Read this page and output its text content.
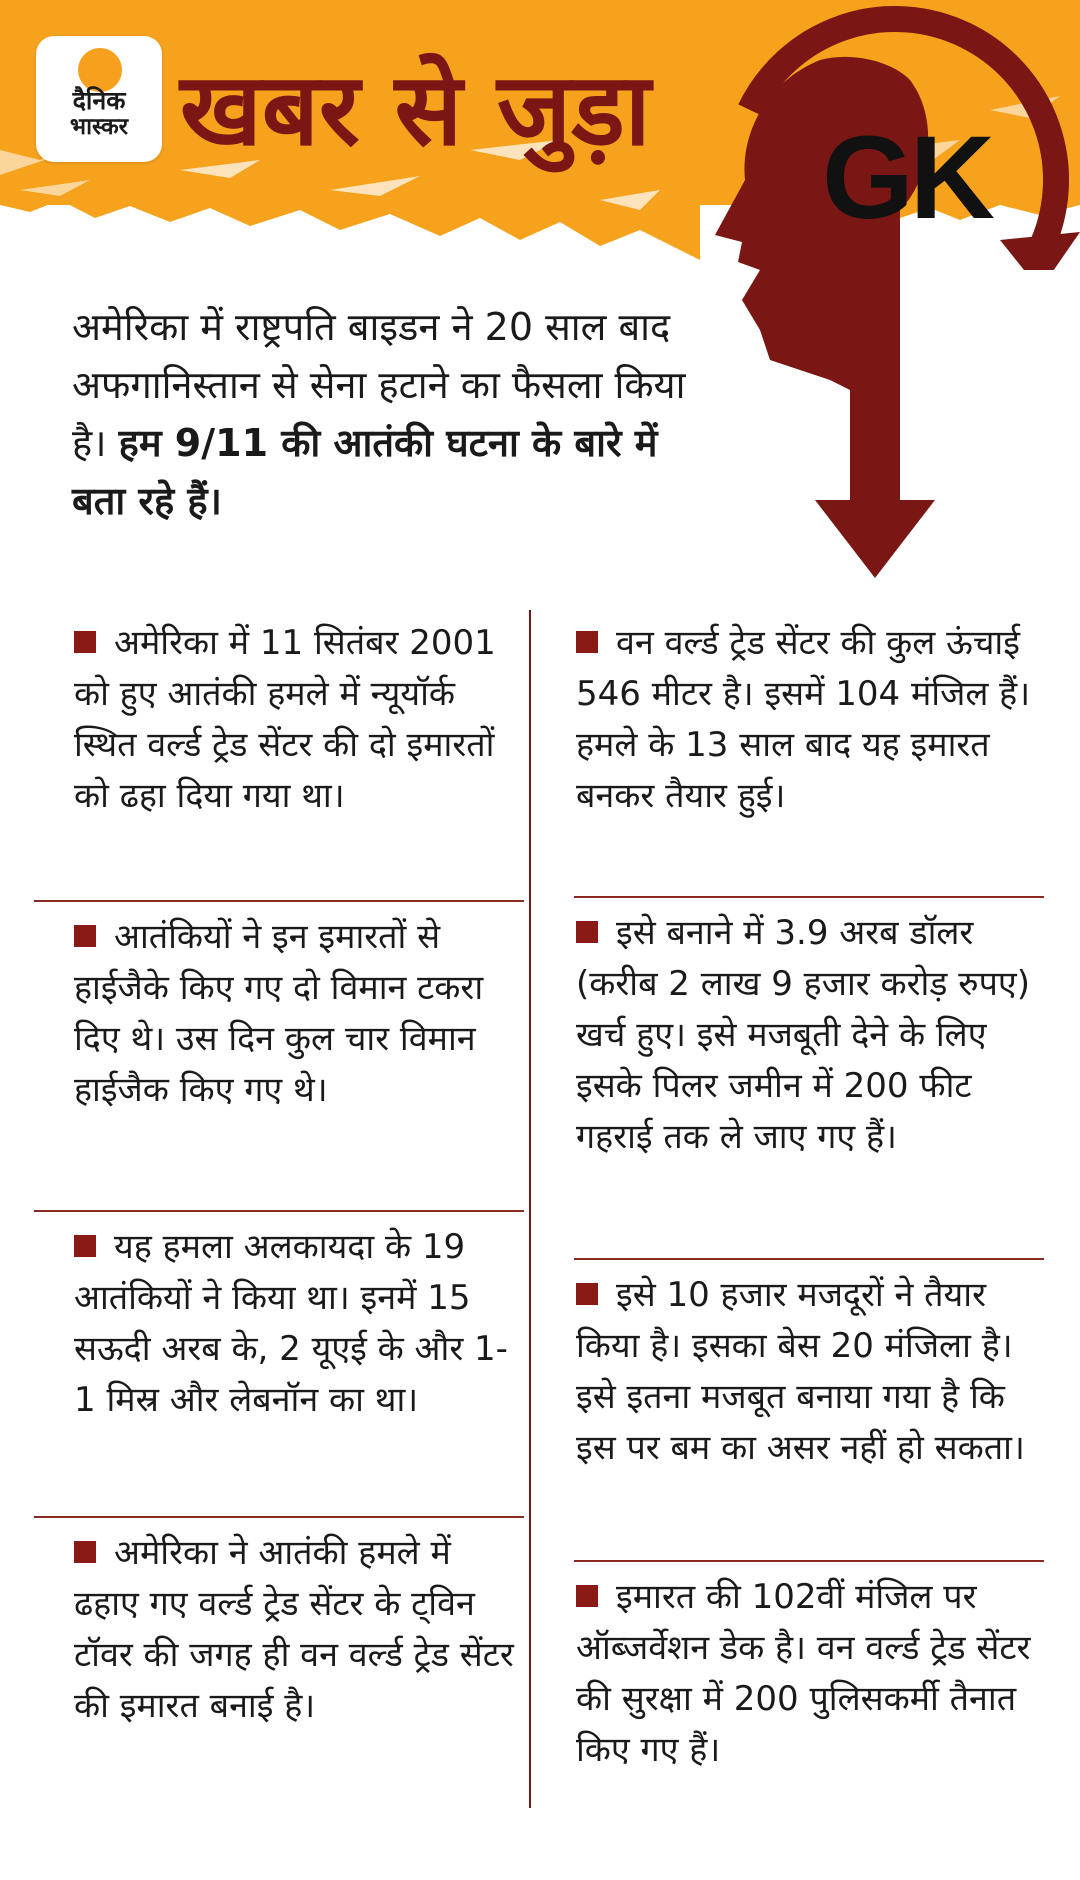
दैनिक
भास्कर खबर से जुड़ा
GK
अमेरिका में राष्ट्रपति बाइडन ने 20 साल बाद अफगानिस्तान से सेना हटाने का फैसला किया है। हम 9/11 की आतंकी घटना के बारे में बता रहे हैं।
अमेरिका में 11 सितंबर 2001 को हुए आतंकी हमले में न्यूयॉर्क स्थित वर्ल्ड ट्रेड सेंटर की दो इमारतों को ढहा दिया गया था।
आतंकियों ने इन इमारतों से हाईजैके किए गए दो विमान टकरा दिए थे। उस दिन कुल चार विमान हाईजैक किए गए थे।
यह हमला अलकायदा के 19 आतंकियों ने किया था। इनमें 15 सऊदी अरब के, 2 यूएई के और 1-1 मिस्र और लेबनॉन का था।
अमेरिका ने आतंकी हमले में ढहाए गए वर्ल्ड ट्रेड सेंटर के ट्विन टॉवर की जगह ही वन वर्ल्ड ट्रेड सेंटर की इमारत बनाई है।
वन वर्ल्ड ट्रेड सेंटर की कुल ऊंचाई 546 मीटर है। इसमें 104 मंजिल हैं। हमले के 13 साल बाद यह इमारत बनकर तैयार हुई।
इसे बनाने में 3.9 अरब डॉलर (करीब 2 लाख 9 हजार करोड़ रुपए) खर्च हुए। इसे मजबूती देने के लिए इसके पिलर जमीन में 200 फीट गहराई तक ले जाए गए हैं।
इसे 10 हजार मजदूरों ने तैयार किया है। इसका बेस 20 मंजिला है। इसे इतना मजबूत बनाया गया है कि इस पर बम का असर नहीं हो सकता।
इमारत की 102वीं मंजिल पर ऑब्जर्वेशन डेक है। वन वर्ल्ड ट्रेड सेंटर की सुरक्षा में 200 पुलिसकर्मी तैनात किए गए हैं।
